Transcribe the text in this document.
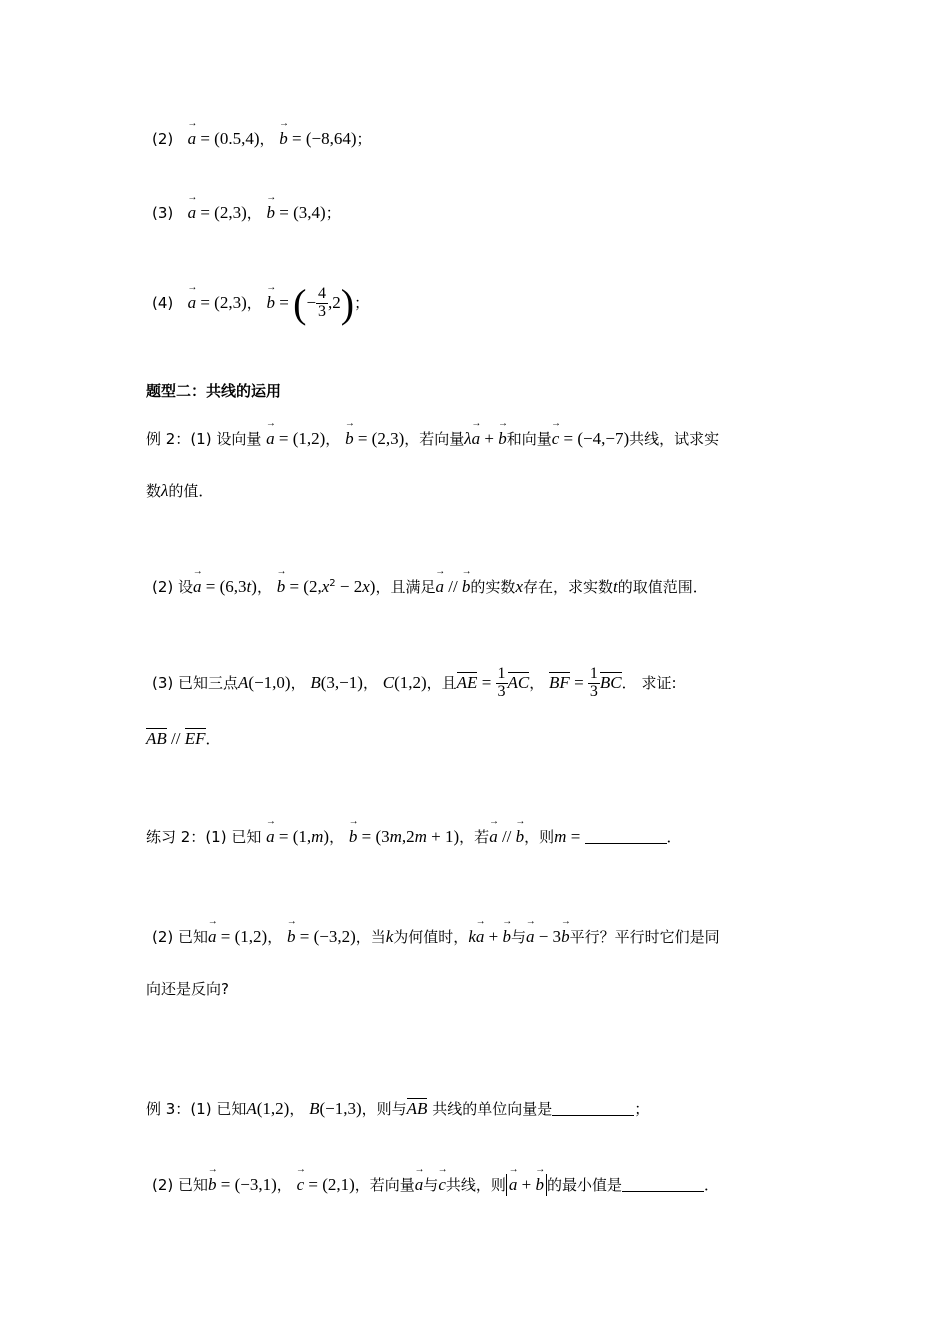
(2) → a = (0.5,4)， → b = (−8,64)；
(3) → a = (2,3)， → b = (3,4)；
(4) → a = (2,3)， → b = (− $\frac{4}{3} ,2$)；
题型二：共线的运用
例 2：(1) 设向量 → a = (1,2)， → b = (2,3)，若向量λ→ a + → b和向量→ c = (−4,−7)共线，试求实
数λ的值．
(2) 设→ a = (6,3t)， → $b = (2,x^2 - 2x)$，且满足→ a // → b的实数x存在，求实数t的取值范围．
(3) 已知三点A(−1,0)， B(3,−1)， C(1,2)，且AE = $\frac{1}{3}$ AC， BF = $\frac{1}{3}$ BC． 求证:
AB // EF．
练习 2：(1) 已知 → a = (1,m)， → b = (3m,2m + 1)，若→ a // → b，则m =	．
(2) 已知→ a = (1,2)， → b = (−3,2)，当k为何值时，k→ a + → b与→ a − 3→ b平行？平行时它们是同
向还是反向?
例 3：(1) 已知A(1,2)， B(−1,3)，则与AB 共线的单位向量是	；
(2) 已知→ b = (−3,1)， → c = (2,1)，若向量→ a与→ c共线，则 → a + → b 的最小值是	．
